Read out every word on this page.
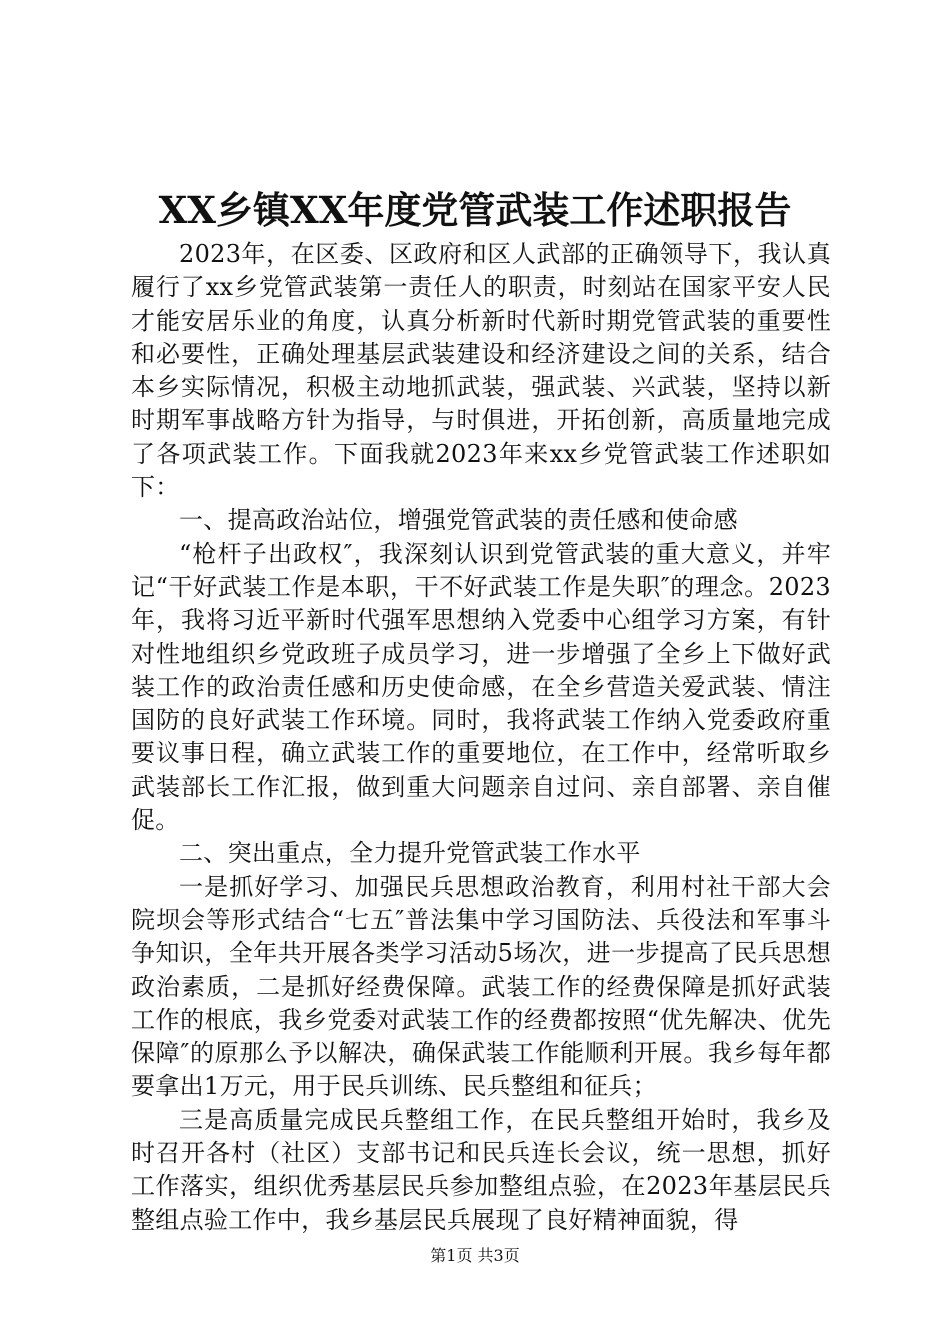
XX乡镇XX年度党管武装工作述职报告

2023年，在区委、区政府和区人武部的正确领导下，我认真履行了xx乡党管武装第一责任人的职责，时刻站在国家平安人民才能安居乐业的角度，认真分析新时代新时期党管武装的重要性和必要性，正确处理基层武装建设和经济建设之间的关系，结合本乡实际情况，积极主动地抓武装，强武装、兴武装，坚持以新时期军事战略方针为指导，与时俱进，开拓创新，高质量地完成了各项武装工作。下面我就2023年来xx乡党管武装工作述职如下：

一、提高政治站位，增强党管武装的责任感和使命感

“枪杆子出政权″，我深刻认识到党管武装的重大意义，并牢记“干好武装工作是本职，干不好武装工作是失职″的理念。2023年，我将习近平新时代强军思想纳入党委中心组学习方案，有针对性地组织乡党政班子成员学习，进一步增强了全乡上下做好武装工作的政治责任感和历史使命感，在全乡营造关爱武装、情注国防的良好武装工作环境。同时，我将武装工作纳入党委政府重要议事日程，确立武装工作的重要地位，在工作中，经常听取乡武装部长工作汇报，做到重大问题亲自过问、亲自部署、亲自催促。

二、突出重点，全力提升党管武装工作水平

一是抓好学习、加强民兵思想政治教育，利用村社干部大会院坝会等形式结合“七五″普法集中学习国防法、兵役法和军事斗争知识，全年共开展各类学习活动5场次，进一步提高了民兵思想政治素质，二是抓好经费保障。武装工作的经费保障是抓好武装工作的根底，我乡党委对武装工作的经费都按照“优先解决、优先保障″的原那么予以解决，确保武装工作能顺利开展。我乡每年都要拿出1万元，用于民兵训练、民兵整组和征兵；

三是高质量完成民兵整组工作，在民兵整组开始时，我乡及时召开各村（社区）支部书记和民兵连长会议，统一思想，抓好工作落实，组织优秀基层民兵参加整组点验，在2023年基层民兵整组点验工作中，我乡基层民兵展现了良好精神面貌，得

第1页 共3页
